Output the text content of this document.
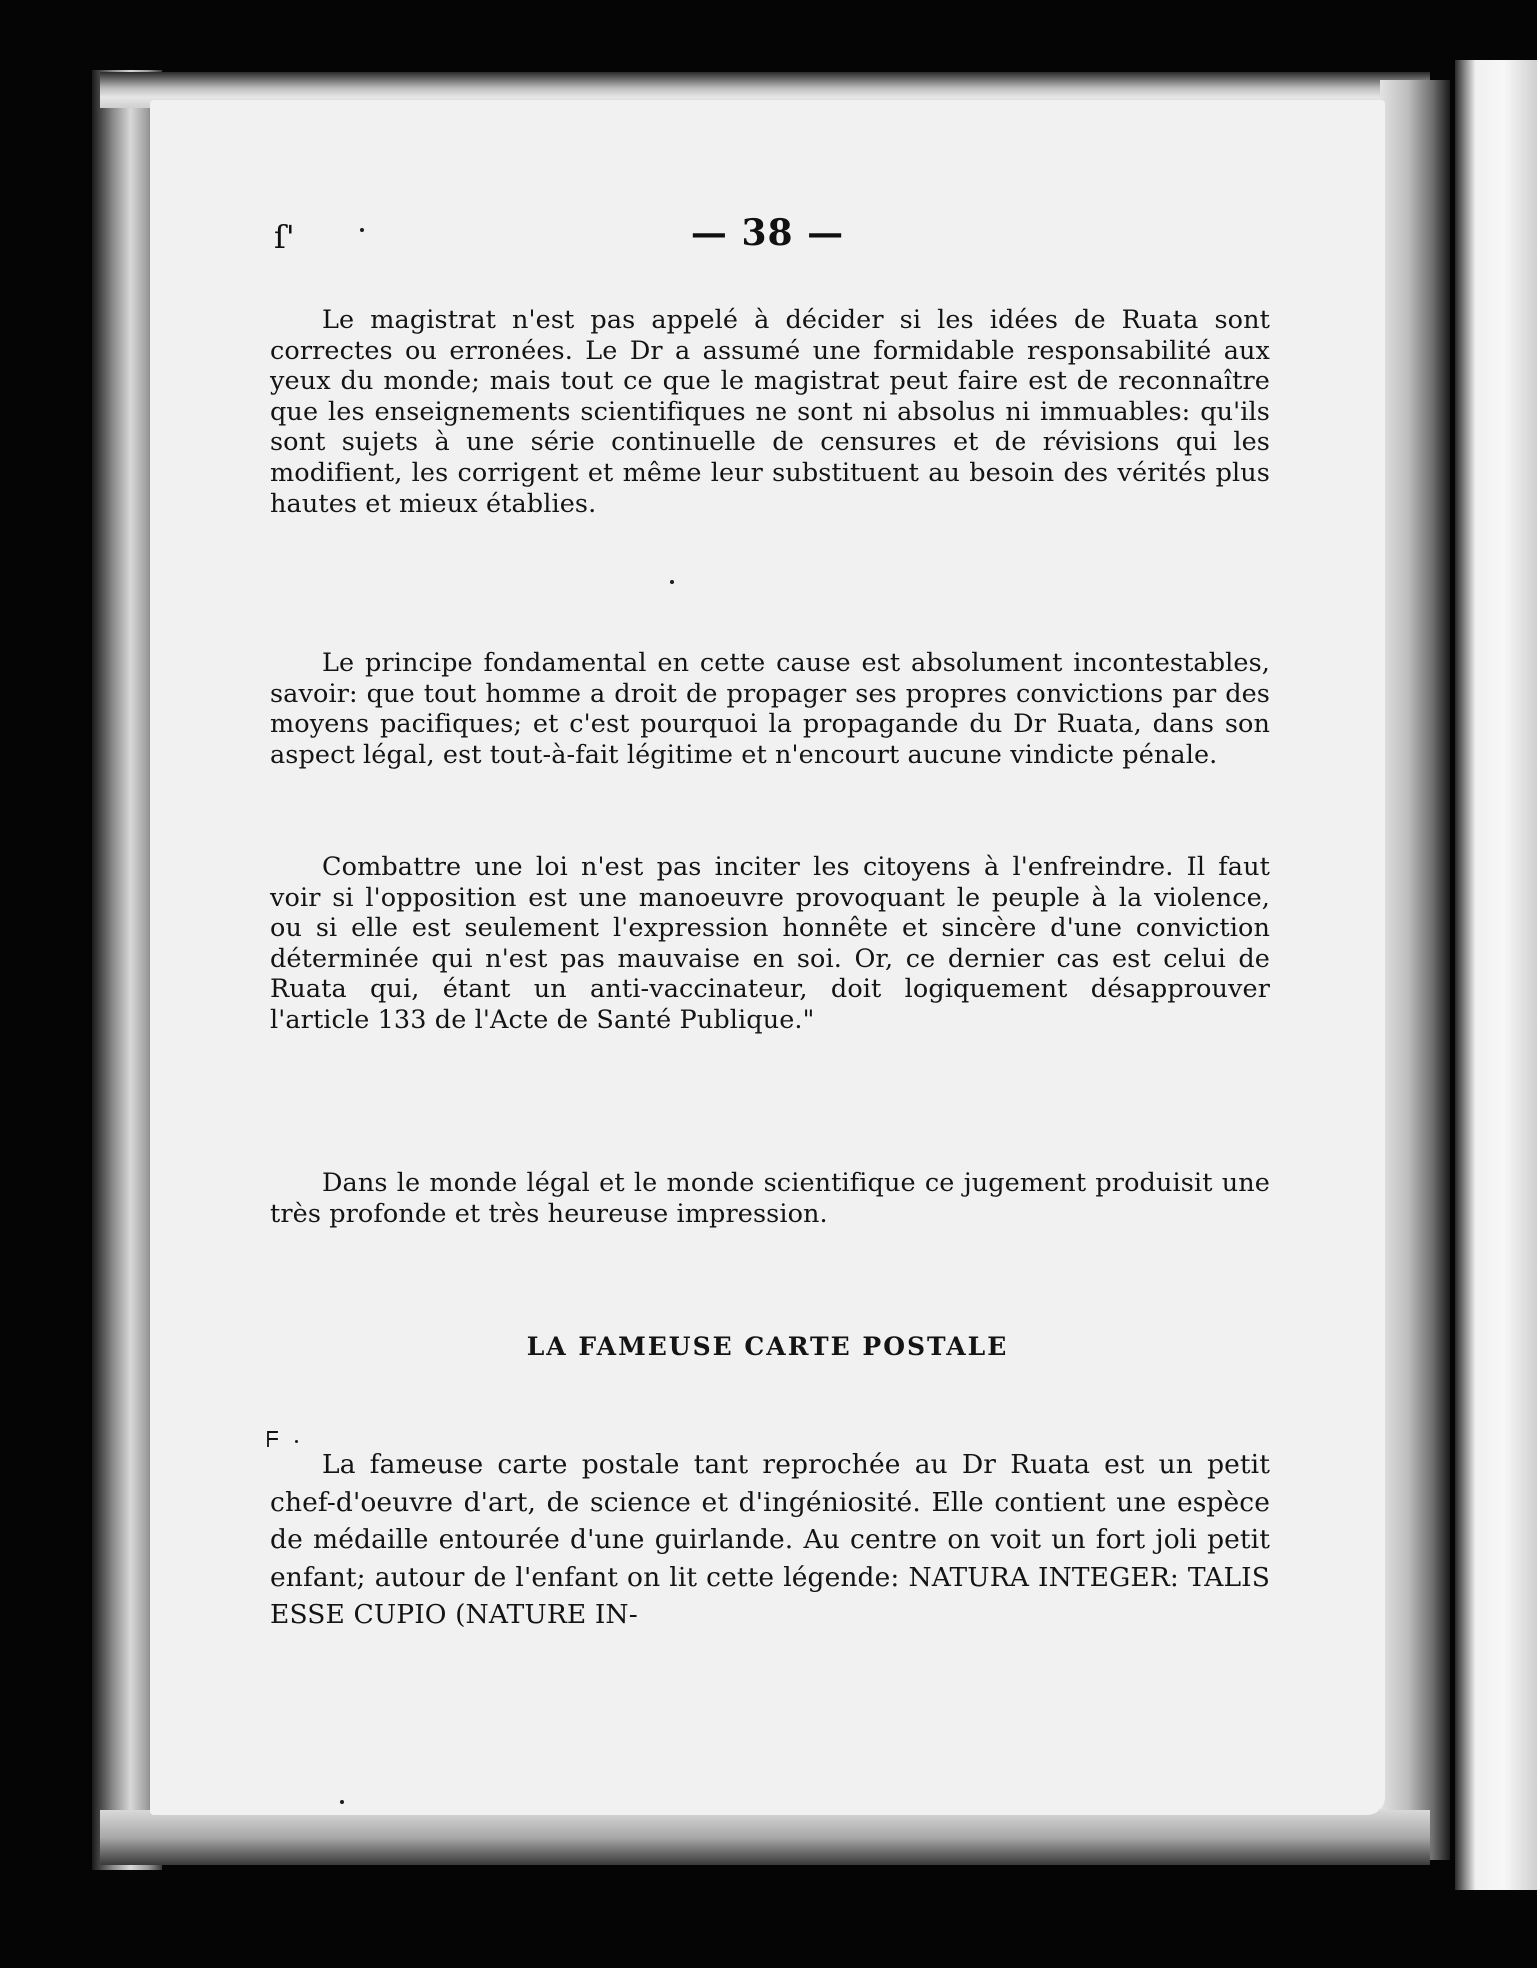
ſ'	— 38 —

Le magistrat n'est pas appelé à décider si les idées de Ruata sont correctes ou erronées. Le Dr a assumé une formidable responsabilité aux yeux du monde; mais tout ce que le magistrat peut faire est de reconnaître que les enseignements scientifiques ne sont ni absolus ni immuables: qu'ils sont sujets à une série continuelle de censures et de révisions qui les modifient, les corrigent et même leur substituent au besoin des vérités plus hautes et mieux établies.

Le principe fondamental en cette cause est absolument incontestables, savoir: que tout homme a droit de propager ses propres convictions par des moyens pacifiques; et c'est pourquoi la propagande du Dr Ruata, dans son aspect légal, est tout-à-fait légitime et n'encourt aucune vindicte pénale.

Combattre une loi n'est pas inciter les citoyens à l'enfreindre. Il faut voir si l'opposition est une manoeuvre provoquant le peuple à la violence, ou si elle est seulement l'expression honnête et sincère d'une conviction déterminée qui n'est pas mauvaise en soi. Or, ce dernier cas est celui de Ruata qui, étant un anti-vaccinateur, doit logiquement désapprouver l'article 133 de l'Acte de Santé Publique."

Dans le monde légal et le monde scientifique ce jugement produisit une très profonde et très heureuse impression.

LA FAMEUSE CARTE POSTALE
ᖴ

La fameuse carte postale tant reprochée au Dr Ruata est un petit chef-d'oeuvre d'art, de science et d'ingéniosité. Elle contient une espèce de médaille entourée d'une guirlande. Au centre on voit un fort joli petit enfant; autour de l'enfant on lit cette légende: NATURA INTEGER: TALIS ESSE CUPIO (NATURE IN-
